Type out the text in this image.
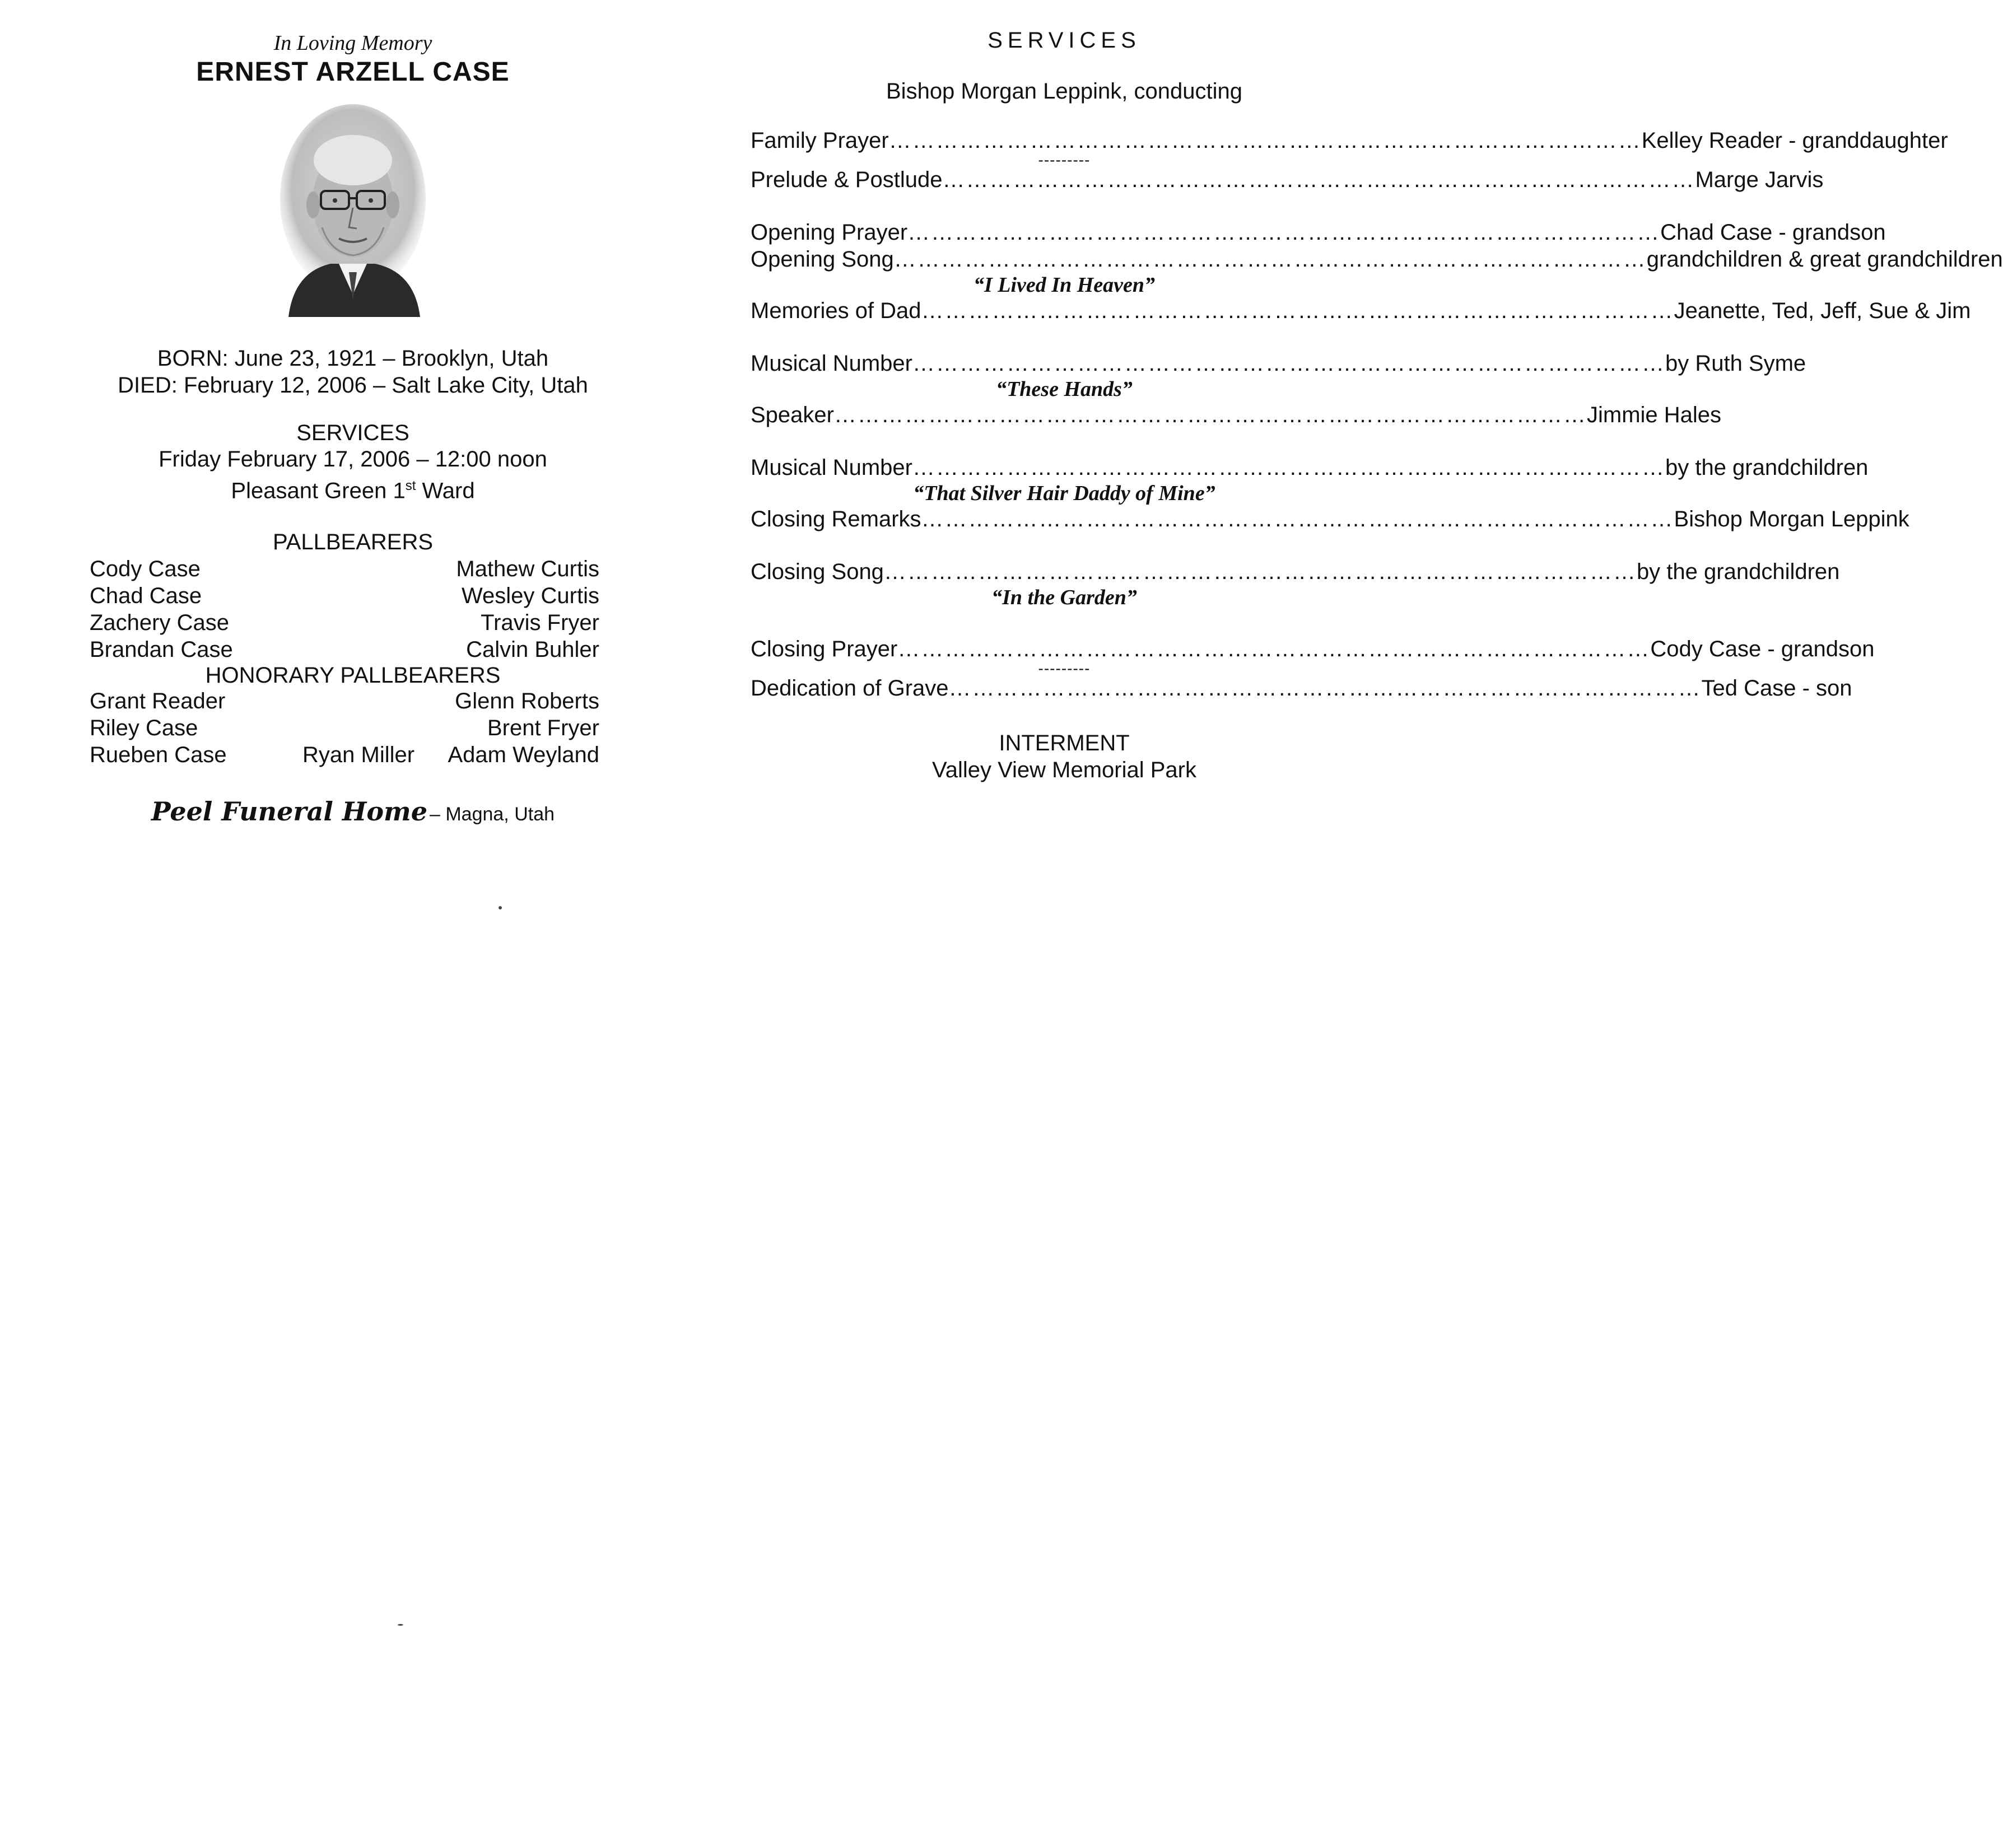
In Loving Memory
ERNEST ARZELL CASE
BORN: June 23, 1921 – Brooklyn, Utah
DIED: February 12, 2006 – Salt Lake City, Utah
SERVICES
Friday February 17, 2006 – 12:00 noon
Pleasant Green 1st Ward
PALLBEARERS
Cody Case	Mathew Curtis
Chad Case	Wesley Curtis
Zachery Case	Travis Fryer
Brandan Case	Calvin Buhler
HONORARY PALLBEARERS
Grant Reader	Glenn Roberts
Riley Case	Brent Fryer
Rueben Case	Ryan Miller Adam Weyland
Peel Funeral Home – Magna, Utah
SERVICES
Bishop Morgan Leppink, conducting
Family Prayer …………………………………………………………………………………… Kelley Reader - granddaughter
---------
Prelude & Postlude …………………………………………………………………………………… Marge Jarvis
Opening Prayer …………………………………………………………………………………… Chad Case - grandson
Opening Song …………………………………………………………………………………… grandchildren & great grandchildren
“I Lived In Heaven”
Memories of Dad …………………………………………………………………………………… Jeanette, Ted, Jeff, Sue & Jim
Musical Number …………………………………………………………………………………… by Ruth Syme
“These Hands”
Speaker …………………………………………………………………………………… Jimmie Hales
Musical Number …………………………………………………………………………………… by the grandchildren
“That Silver Hair Daddy of Mine”
Closing Remarks …………………………………………………………………………………… Bishop Morgan Leppink
Closing Song …………………………………………………………………………………… by the grandchildren
“In the Garden”
Closing Prayer …………………………………………………………………………………… Cody Case - grandson
---------
Dedication of Grave …………………………………………………………………………………… Ted Case - son
INTERMENT
Valley View Memorial Park
